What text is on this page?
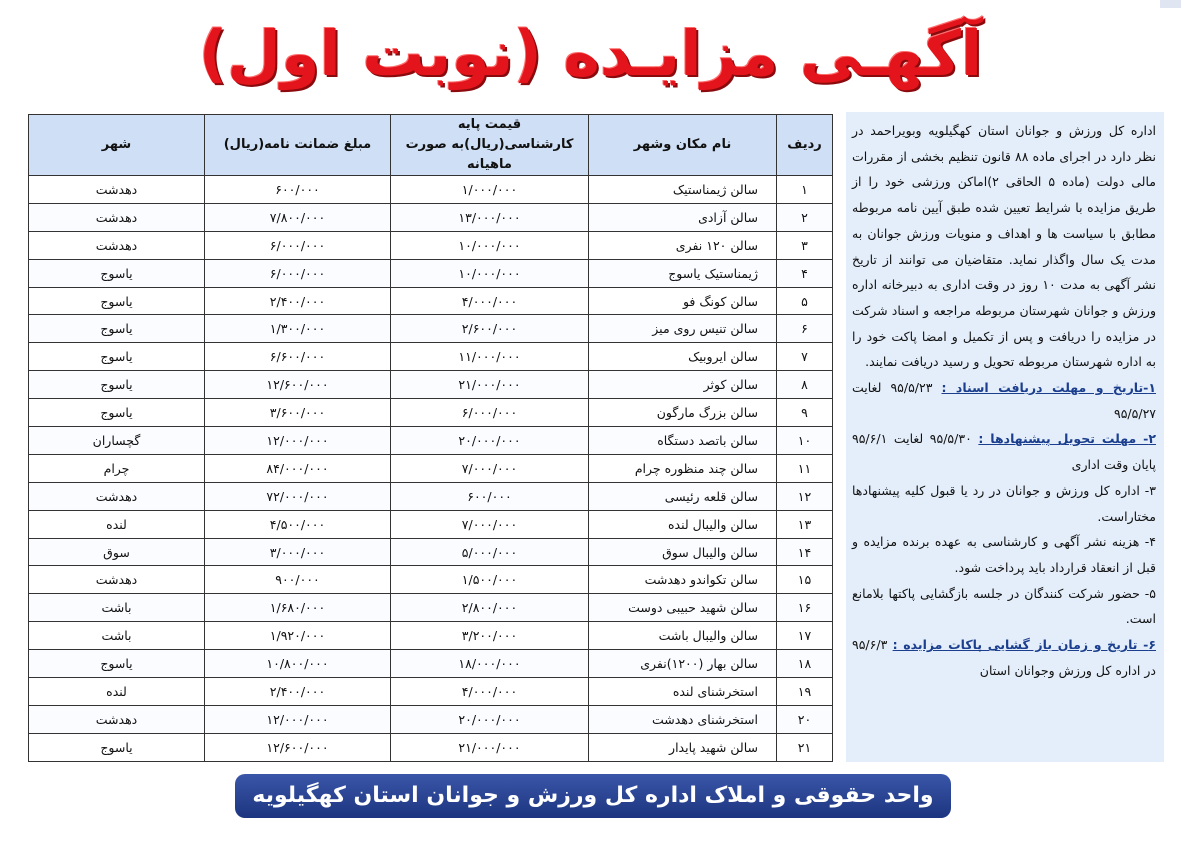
آگهـی مزایـده (نوبت اول)

اداره کل ورزش و جوانان استان کهگیلویه وبویراحمد در نظر دارد در اجرای ماده ۸۸ قانون تنظیم بخشی از مقررات مالی دولت (ماده ۵ الحاقی ۲)اماکن ورزشی خود را از طریق مزایده با شرایط تعیین شده طبق آیین نامه مربوطه مطابق با سیاست ها و اهداف و منویات ورزش جوانان به مدت یک سال واگذار نماید. متقاضیان می توانند از تاریخ نشر آگهی به مدت ۱۰ روز در وقت اداری به دبیرخانه اداره ورزش و جوانان شهرستان مربوطه مراجعه و اسناد شرکت در مزایده را دریافت و پس از تکمیل و امضا پاکت خود را به اداره شهرستان مربوطه تحویل و رسید دریافت نمایند.

۱-تاریخ و مهلت دریافت اسناد : ۹۵/۵/۲۳ لغایت ۹۵/۵/۲۷

۲- مهلت تحویل پیشنهادها : ۹۵/۵/۳۰ لغایت ۹۵/۶/۱ پایان وقت اداری

۳- اداره کل ورزش و جوانان در رد یا قبول کلیه پیشنهادها مختاراست.

۴- هزینه نشر آگهی و کارشناسی به عهده برنده مزایده و قبل از انعقاد قرارداد باید پرداخت شود.

۵- حضور شرکت کنندگان در جلسه بازگشایی پاکتها بلامانع است.

۶- تاریخ و زمان باز گشایی پاکات مزایده : ۹۵/۶/۳ در اداره کل ورزش وجوانان استان

ردیف	نام مکان وشهر	قیمت پایه کارشناسی(ریال)به صورت ماهیانه	مبلغ ضمانت نامه(ریال)	شهر
۱	سالن ژیمناستیک	۱/۰۰۰/۰۰۰	۶۰۰/۰۰۰	دهدشت
۲	سالن آزادی	۱۳/۰۰۰/۰۰۰	۷/۸۰۰/۰۰۰	دهدشت
۳	سالن ۱۲۰ نفری	۱۰/۰۰۰/۰۰۰	۶/۰۰۰/۰۰۰	دهدشت
۴	ژیمناستیک یاسوج	۱۰/۰۰۰/۰۰۰	۶/۰۰۰/۰۰۰	یاسوج
۵	سالن کونگ فو	۴/۰۰۰/۰۰۰	۲/۴۰۰/۰۰۰	یاسوج
۶	سالن تنیس روی میز	۲/۶۰۰/۰۰۰	۱/۳۰۰/۰۰۰	یاسوج
۷	سالن ایروبیک	۱۱/۰۰۰/۰۰۰	۶/۶۰۰/۰۰۰	یاسوج
۸	سالن کوثر	۲۱/۰۰۰/۰۰۰	۱۲/۶۰۰/۰۰۰	یاسوج
۹	سالن بزرگ مارگون	۶/۰۰۰/۰۰۰	۳/۶۰۰/۰۰۰	یاسوج
۱۰	سالن باتصد دستگاه	۲۰/۰۰۰/۰۰۰	۱۲/۰۰۰/۰۰۰	گچساران
۱۱	سالن چند منظوره چرام	۷/۰۰۰/۰۰۰	۸۴/۰۰۰/۰۰۰	چرام
۱۲	سالن قلعه رئیسی	۶۰۰/۰۰۰	۷۲/۰۰۰/۰۰۰	دهدشت
۱۳	سالن والیبال لنده	۷/۰۰۰/۰۰۰	۴/۵۰۰/۰۰۰	لنده
۱۴	سالن والیبال سوق	۵/۰۰۰/۰۰۰	۳/۰۰۰/۰۰۰	سوق
۱۵	سالن تکواندو دهدشت	۱/۵۰۰/۰۰۰	۹۰۰/۰۰۰	دهدشت
۱۶	سالن شهید حبیبی دوست	۲/۸۰۰/۰۰۰	۱/۶۸۰/۰۰۰	باشت
۱۷	سالن والیبال باشت	۳/۲۰۰/۰۰۰	۱/۹۲۰/۰۰۰	باشت
۱۸	سالن بهار (۱۲۰۰)نفری	۱۸/۰۰۰/۰۰۰	۱۰/۸۰۰/۰۰۰	یاسوج
۱۹	استخرشنای لنده	۴/۰۰۰/۰۰۰	۲/۴۰۰/۰۰۰	لنده
۲۰	استخرشنای دهدشت	۲۰/۰۰۰/۰۰۰	۱۲/۰۰۰/۰۰۰	دهدشت
۲۱	سالن شهید پایدار	۲۱/۰۰۰/۰۰۰	۱۲/۶۰۰/۰۰۰	یاسوج
واحد حقوقی و املاک اداره کل ورزش و جوانان استان کهگیلویه وبویراحمد
